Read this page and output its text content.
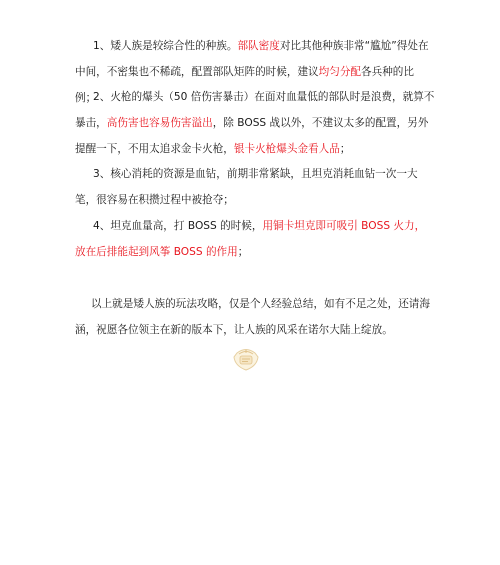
1、矮人族是较综合性的种族。部队密度对比其他种族非常“尴尬”得处在中间，不密集也不稀疏，配置部队矩阵的时候，建议均匀分配各兵种的比例；

2、火枪的爆头（50 倍伤害暴击）在面对血量低的部队时是浪费，就算不暴击，高伤害也容易伤害溢出，除 BOSS 战以外，不建议太多的配置，另外提醒一下，不用太追求金卡火枪，银卡火枪爆头金看人品；

3、核心消耗的资源是血钻，前期非常紧缺，且坦克消耗血钻一次一大笔，很容易在积攒过程中被抢夺；

4、坦克血量高，打 BOSS 的时候，用铜卡坦克即可吸引 BOSS 火力，放在后排能起到风筝 BOSS 的作用；

以上就是矮人族的玩法攻略，仅是个人经验总结，如有不足之处，还请海涵，祝愿各位领主在新的版本下，让人族的风采在诺尔大陆上绽放。
